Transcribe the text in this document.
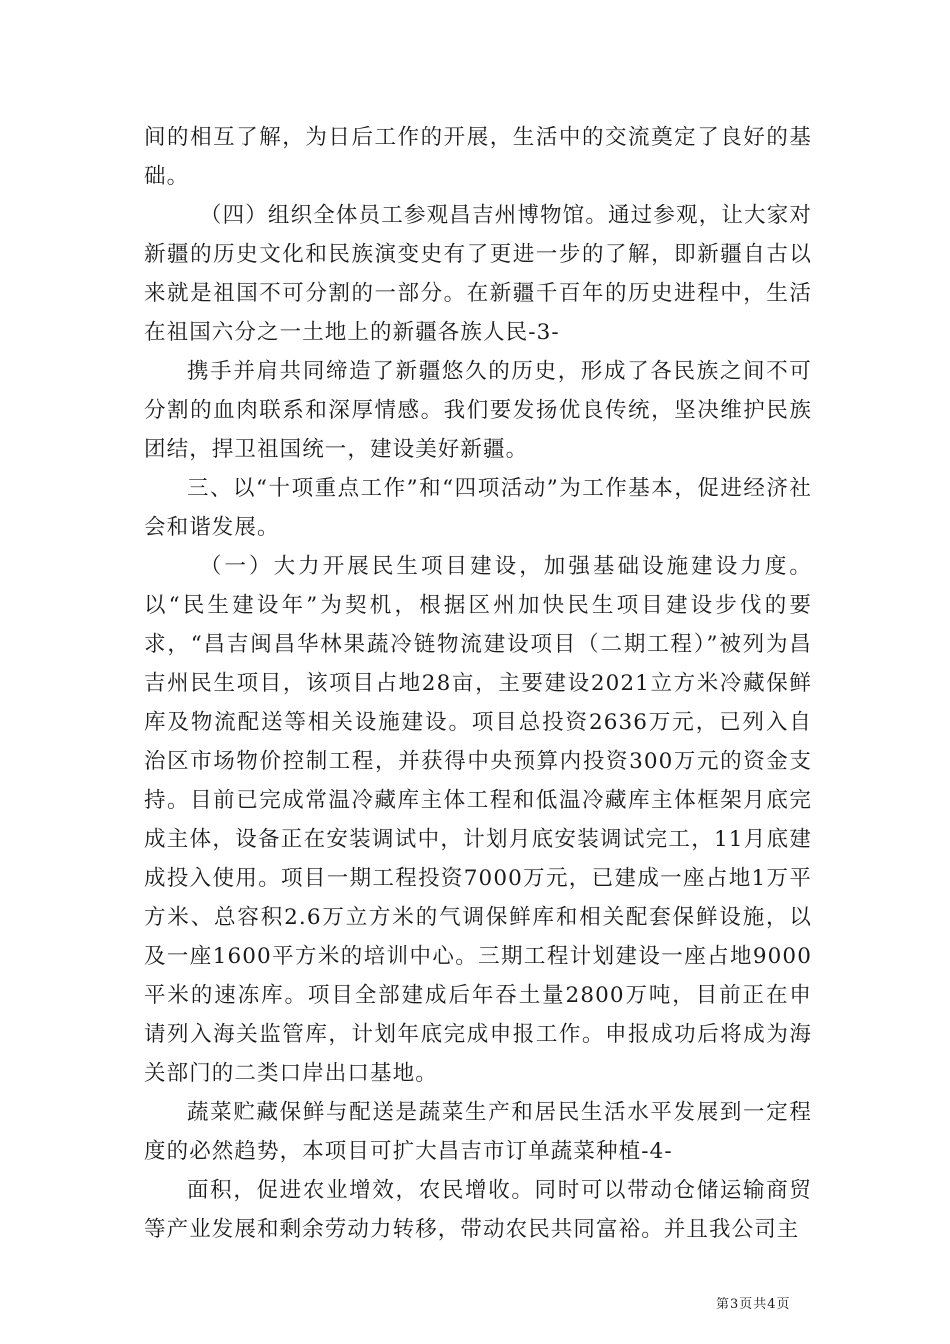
间的相互了解，为日后工作的开展，生活中的交流奠定了良好的基础。

（四）组织全体员工参观昌吉州博物馆。通过参观，让大家对新疆的历史文化和民族演变史有了更进一步的了解，即新疆自古以来就是祖国不可分割的一部分。在新疆千百年的历史进程中，生活在祖国六分之一土地上的新疆各族人民-3-

携手并肩共同缔造了新疆悠久的历史，形成了各民族之间不可分割的血肉联系和深厚情感。我们要发扬优良传统，坚决维护民族团结，捍卫祖国统一，建设美好新疆。

三、以“十项重点工作”和“四项活动”为工作基本，促进经济社会和谐发展。

（一）大力开展民生项目建设，加强基础设施建设力度。以“民生建设年”为契机，根据区州加快民生项目建设步伐的要求，“昌吉闽昌华林果蔬冷链物流建设项目（二期工程）”被列为昌吉州民生项目，该项目占地28亩，主要建设2021立方米冷藏保鲜库及物流配送等相关设施建设。项目总投资2636万元，已列入自治区市场物价控制工程，并获得中央预算内投资300万元的资金支持。目前已完成常温冷藏库主体工程和低温冷藏库主体框架月底完成主体，设备正在安装调试中，计划月底安装调试完工，11月底建成投入使用。项目一期工程投资7000万元，已建成一座占地1万平方米、总容积2.6万立方米的气调保鲜库和相关配套保鲜设施，以及一座1600平方米的培训中心。三期工程计划建设一座占地9000平米的速冻库。项目全部建成后年吞土量2800万吨，目前正在申请列入海关监管库，计划年底完成申报工作。申报成功后将成为海关部门的二类口岸出口基地。

蔬菜贮藏保鲜与配送是蔬菜生产和居民生活水平发展到一定程度的必然趋势，本项目可扩大昌吉市订单蔬菜种植-4-

面积，促进农业增效，农民增收。同时可以带动仓储运输商贸等产业发展和剩余劳动力转移，带动农民共同富裕。并且我公司主

第3页共4页
